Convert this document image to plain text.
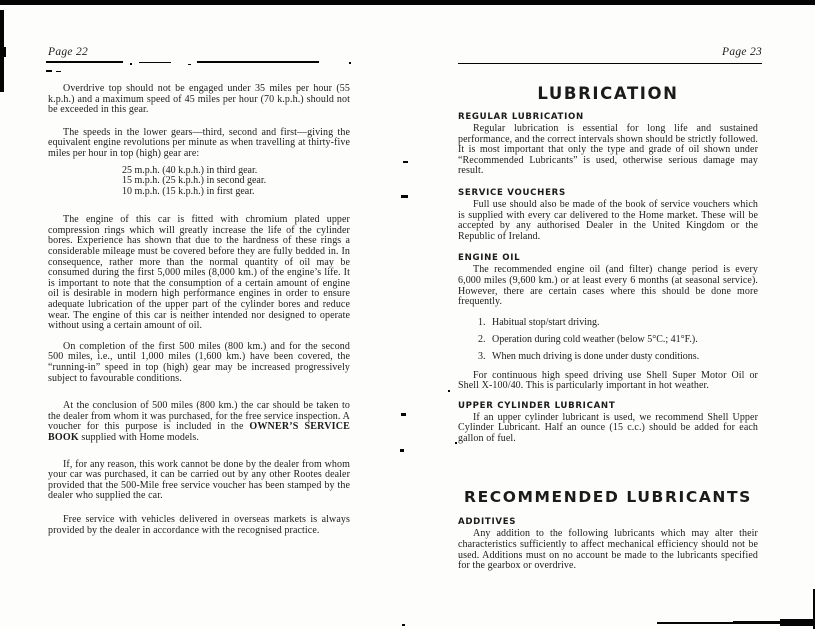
Page 22	Page 23

Overdrive top should not be engaged under 35 miles per hour (55 k.p.h.) and a maximum speed of 45 miles per hour (70 k.p.h.) should not be exceeded in this gear.

The speeds in the lower gears—third, second and first—giving the equivalent engine revolutions per minute as when travelling at thirty-five miles per hour in top (high) gear are:

25 m.p.h. (40 k.p.h.) in third gear.
15 m.p.h. (25 k.p.h.) in second gear.
10 m.p.h. (15 k.p.h.) in first gear.

The engine of this car is fitted with chromium plated upper compression rings which will greatly increase the life of the cylinder bores. Experience has shown that due to the hardness of these rings a considerable mileage must be covered before they are fully bedded in. In consequence, rather more than the normal quantity of oil may be consumed during the first 5,000 miles (8,000 km.) of the engine’s life. It is important to note that the consumption of a certain amount of engine oil is desirable in modern high performance engines in order to ensure adequate lubrication of the upper part of the cylinder bores and reduce wear. The engine of this car is neither intended nor designed to operate without using a certain amount of oil.

On completion of the first 500 miles (800 km.) and for the second 500 miles, i.e., until 1,000 miles (1,600 km.) have been covered, the “running-in” speed in top (high) gear may be increased progressively subject to favourable conditions.

At the conclusion of 500 miles (800 km.) the car should be taken to the dealer from whom it was purchased, for the free service inspection. A voucher for this purpose is included in the OWNER’S SERVICE BOOK supplied with Home models.

If, for any reason, this work cannot be done by the dealer from whom your car was purchased, it can be carried out by any other Rootes dealer provided that the 500-Mile free service voucher has been stamped by the dealer who supplied the car.

Free service with vehicles delivered in overseas markets is always provided by the dealer in accordance with the recognised practice.

LUBRICATION
REGULAR LUBRICATION

Regular lubrication is essential for long life and sustained performance, and the correct intervals shown should be strictly followed. It is most important that only the type and grade of oil shown under “Recommended Lubricants” is used, otherwise serious damage may result.

SERVICE VOUCHERS

Full use should also be made of the book of service vouchers which is supplied with every car delivered to the Home market. These will be accepted by any authorised Dealer in the United Kingdom or the Republic of Ireland.

ENGINE OIL

The recommended engine oil (and filter) change period is every 6,000 miles (9,600 km.) or at least every 6 months (at seasonal service). However, there are certain cases where this should be done more frequently.

1. Habitual stop/start driving.
2. Operation during cold weather (below 5°C.; 41°F.).
3. When much driving is done under dusty conditions.

For continuous high speed driving use Shell Super Motor Oil or Shell X-100/40. This is particularly important in hot weather.

UPPER CYLINDER LUBRICANT

If an upper cylinder lubricant is used, we recommend Shell Upper Cylinder Lubricant. Half an ounce (15 c.c.) should be added for each gallon of fuel.

RECOMMENDED LUBRICANTS
ADDITIVES

Any addition to the following lubricants which may alter their characteristics sufficiently to affect mechanical efficiency should not be used. Additions must on no account be made to the lubricants specified for the gearbox or overdrive.
